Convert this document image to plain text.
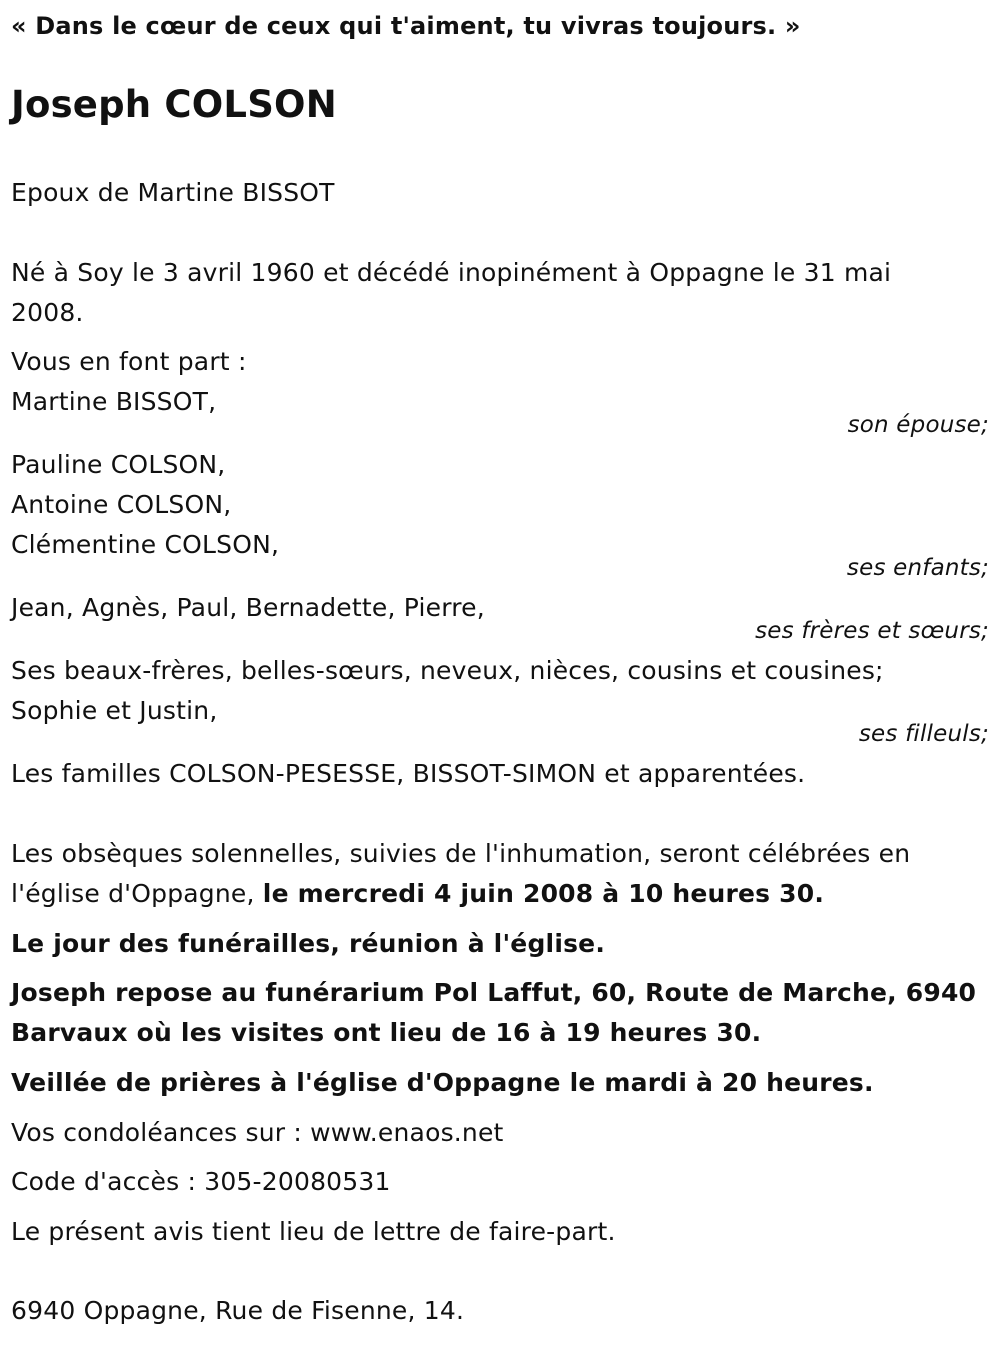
« Dans le cœur de ceux qui t'aiment, tu vivras toujours. »
Joseph COLSON
Epoux de Martine BISSOT
Né à Soy le 3 avril 1960 et décédé inopinément à Oppagne le 31 mai
2008.
Vous en font part :
Martine BISSOT,
son épouse;
Pauline COLSON,
Antoine COLSON,
Clémentine COLSON,
ses enfants;
Jean, Agnès, Paul, Bernadette, Pierre,
ses frères et sœurs;
Ses beaux-frères, belles-sœurs, neveux, nièces, cousins et cousines;
Sophie et Justin,
ses filleuls;
Les familles COLSON-PESESSE, BISSOT-SIMON et apparentées.
Les obsèques solennelles, suivies de l'inhumation, seront célébrées en
l'église d'Oppagne, le mercredi 4 juin 2008 à 10 heures 30.
Le jour des funérailles, réunion à l'église.
Joseph repose au funérarium Pol Laffut, 60, Route de Marche, 6940
Barvaux où les visites ont lieu de 16 à 19 heures 30.
Veillée de prières à l'église d'Oppagne le mardi à 20 heures.
Vos condoléances sur : www.enaos.net
Code d'accès : 305-20080531
Le présent avis tient lieu de lettre de faire-part.
6940 Oppagne, Rue de Fisenne, 14.
